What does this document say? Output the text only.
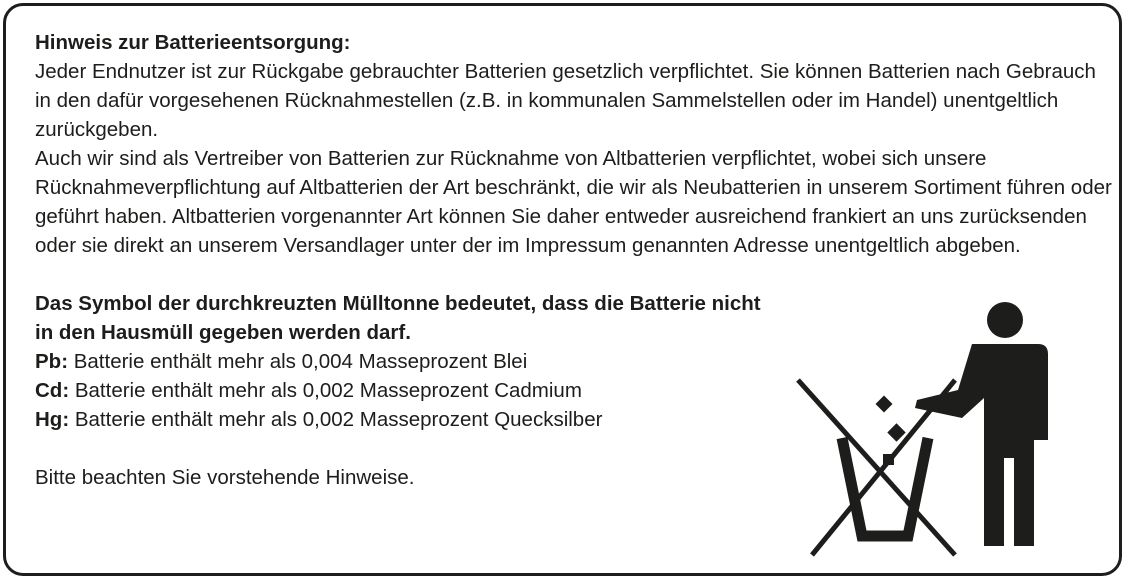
Hinweis zur Batterieentsorgung:

Jeder Endnutzer ist zur Rückgabe gebrauchter Batterien gesetzlich verpflichtet. Sie können Batterien nach Gebrauch in den dafür vorgesehenen Rücknahmestellen (z.B. in kommunalen Sammelstellen oder im Handel) unentgeltlich zurückgeben.

Auch wir sind als Vertreiber von Batterien zur Rücknahme von Altbatterien verpflichtet, wobei sich unsere Rücknahmeverpflichtung auf Altbatterien der Art beschränkt, die wir als Neubatterien in unserem Sortiment führen oder geführt haben. Altbatterien vorgenannter Art können Sie daher entweder ausreichend frankiert an uns zurücksenden oder sie direkt an unserem Versandlager unter der im Impressum genannten Adresse unentgeltlich abgeben.

Das Symbol der durchkreuzten Mülltonne bedeutet, dass die Batterie nicht in den Hausmüll gegeben werden darf.

Pb: Batterie enthält mehr als 0,004 Masseprozent Blei

Cd: Batterie enthält mehr als 0,002 Masseprozent Cadmium

Hg: Batterie enthält mehr als 0,002 Masseprozent Quecksilber

Bitte beachten Sie vorstehende Hinweise.
